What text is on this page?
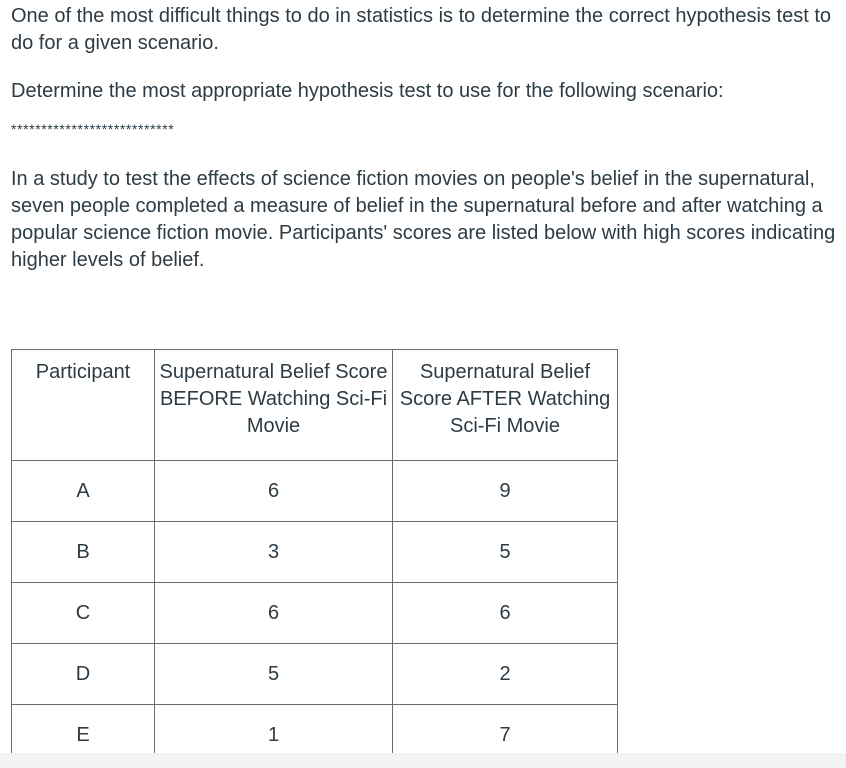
One of the most difficult things to do in statistics is to determine the correct hypothesis test to do for a given scenario.

Determine the most appropriate hypothesis test to use for the following scenario:

***************************

In a study to test the effects of science fiction movies on people's belief in the supernatural, seven people completed a measure of belief in the supernatural before and after watching a popular science fiction movie. Participants' scores are listed below with high scores indicating higher levels of belief.

Participant	Supernatural Belief Score BEFORE Watching Sci-Fi Movie	Supernatural Belief Score AFTER Watching Sci-Fi Movie
A	6	9
B	3	5
C	6	6
D	5	2
E	1	7
